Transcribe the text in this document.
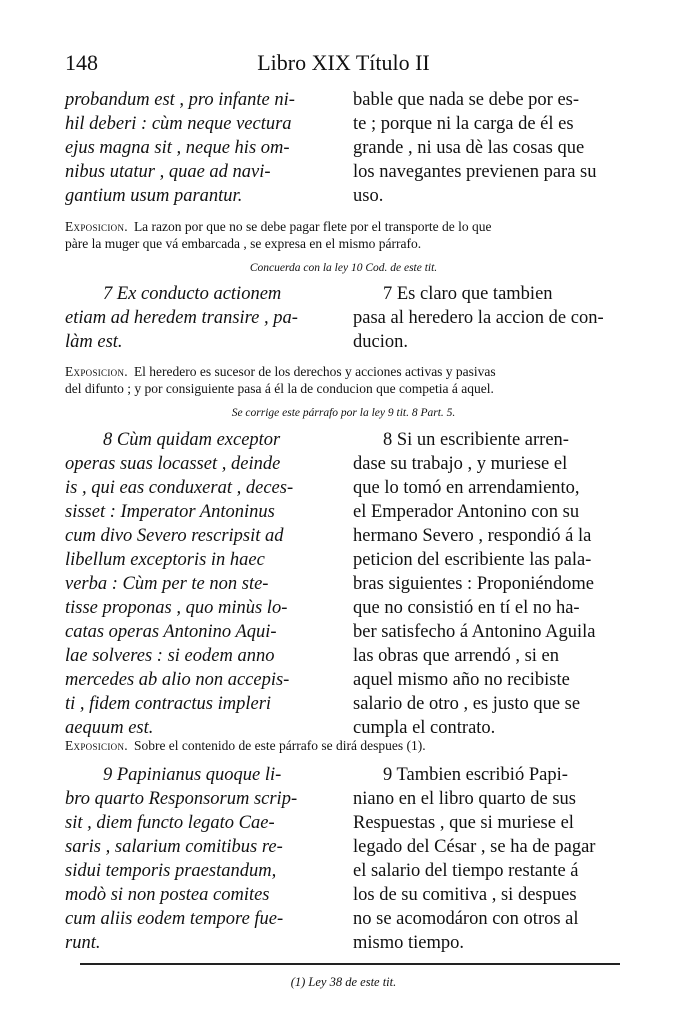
148	Libro XIX Título II
probandum est , pro infante ni-
hil deberi : cùm neque vectura
ejus magna sit , neque his om-
nibus utatur , quae ad navi-
gantium usum parantur.
bable que nada se debe por es-
te ; porque ni la carga de él es
grande , ni usa dè las cosas que
los navegantes previenen para su
uso.
Exposicion. La razon por que no se debe pagar flete por el transporte de lo que
pàre la muger que vá embarcada , se expresa en el mismo párrafo.
Concuerda con la ley 10 Cod. de este tit.
7 Ex conducto actionem
etiam ad heredem transire , pa-
làm est.
7 Es claro que tambien
pasa al heredero la accion de con-
ducion.
Exposicion. El heredero es sucesor de los derechos y acciones activas y pasivas
del difunto ; y por consiguiente pasa á él la de conducion que competia á aquel.
Se corrige este párrafo por la ley 9 tit. 8 Part. 5.
8 Cùm quidam exceptor
operas suas locasset , deinde
is , qui eas conduxerat , deces-
sisset : Imperator Antoninus
cum divo Severo rescripsit ad
libellum exceptoris in haec
verba : Cùm per te non ste-
tisse proponas , quo minùs lo-
catas operas Antonino Aqui-
lae solveres : si eodem anno
mercedes ab alio non accepis-
ti , fidem contractus impleri
aequum est.
8 Si un escribiente arren-
dase su trabajo , y muriese el
que lo tomó en arrendamiento,
el Emperador Antonino con su
hermano Severo , respondió á la
peticion del escribiente las pala-
bras siguientes : Proponiéndome
que no consistió en tí el no ha-
ber satisfecho á Antonino Aguila
las obras que arrendó , si en
aquel mismo año no recibiste
salario de otro , es justo que se
cumpla el contrato.
Exposicion. Sobre el contenido de este párrafo se dirá despues (1).
9 Papinianus quoque li-
bro quarto Responsorum scrip-
sit , diem functo legato Cae-
saris , salarium comitibus re-
sidui temporis praestandum,
modò si non postea comites
cum aliis eodem tempore fue-
runt.
9 Tambien escribió Papi-
niano en el libro quarto de sus
Respuestas , que si muriese el
legado del César , se ha de pagar
el salario del tiempo restante á
los de su comitiva , si despues
no se acomodáron con otros al
mismo tiempo.
(1) Ley 38 de este tit.
